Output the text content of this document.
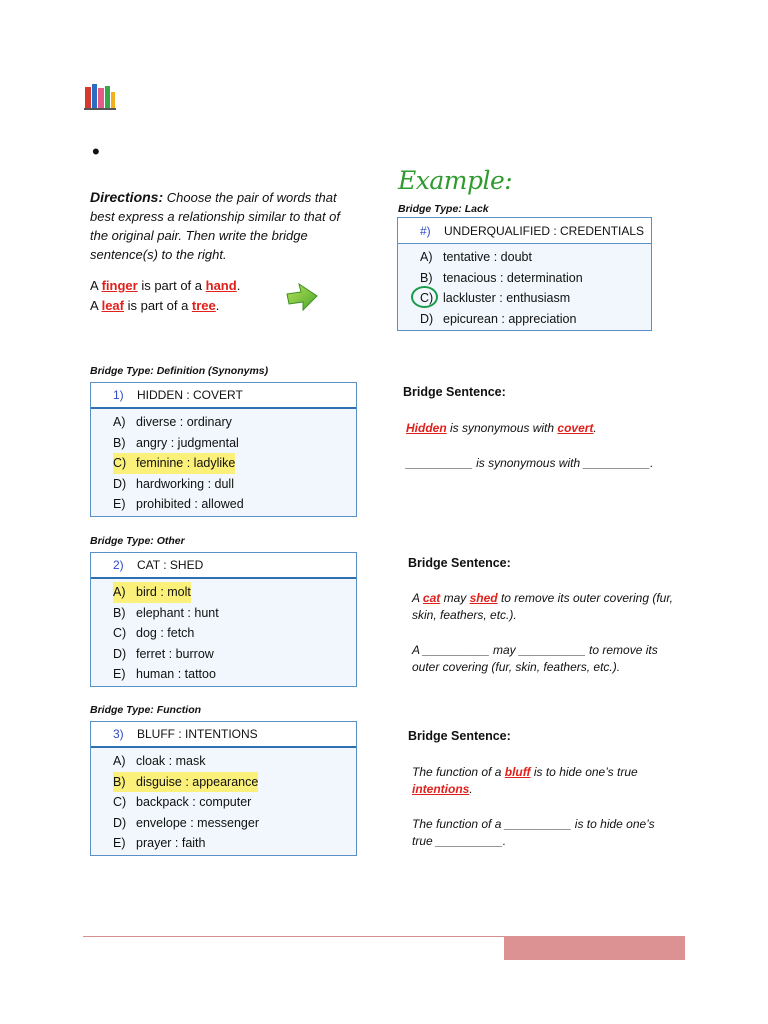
•
Directions: Choose the pair of words that best express a relationship similar to that of the original pair. Then write the bridge sentence(s) to the right.
A finger is part of a hand.
A leaf is part of a tree.
Example:
Bridge Type: Lack
#)	UNDERQUALIFIED : CREDENTIALS
A) tentative : doubt
B) tenacious : determination
C) lackluster : enthusiasm
D) epicurean : appreciation
Bridge Type: Definition (Synonyms)
1)	HIDDEN : COVERT
A) diverse : ordinary
B) angry : judgmental
C) feminine : ladylike
D) hardworking : dull
E) prohibited : allowed
Bridge Sentence:
Hidden is synonymous with covert.
__________ is synonymous with __________.
Bridge Type: Other
2)	CAT : SHED
A) bird : molt
B) elephant : hunt
C) dog : fetch
D) ferret : burrow
E) human : tattoo
Bridge Sentence:
A cat may shed to remove its outer covering (fur, skin, feathers, etc.).
A __________ may __________ to remove its outer covering (fur, skin, feathers, etc.).
Bridge Type: Function
3)	BLUFF : INTENTIONS
A) cloak : mask
B) disguise : appearance
C) backpack : computer
D) envelope : messenger
E) prayer : faith
Bridge Sentence:
The function of a bluff is to hide one’s true intentions.
The function of a __________ is to hide one’s true __________.
